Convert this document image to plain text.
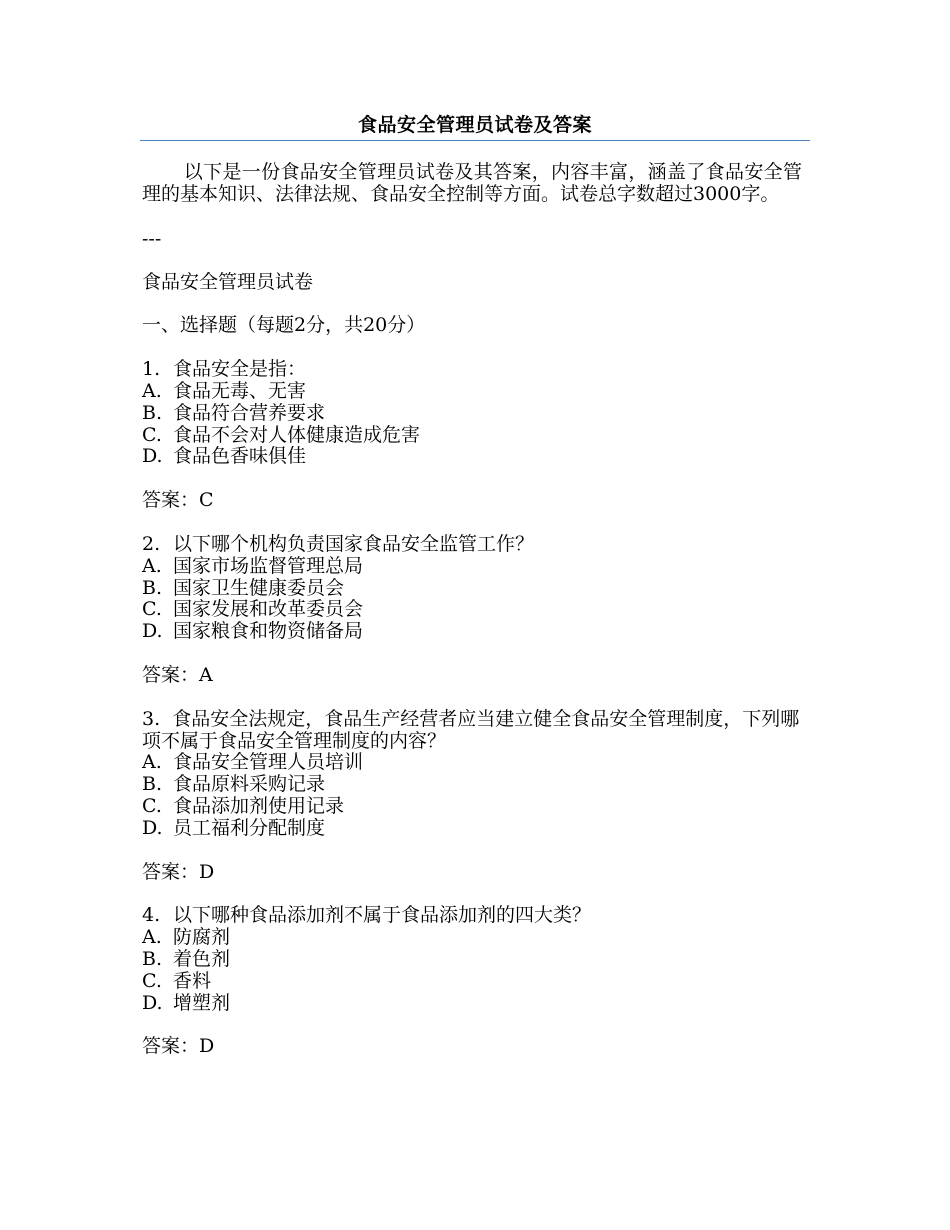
食品安全管理员试卷及答案

以下是一份食品安全管理员试卷及其答案，内容丰富，涵盖了食品安全管理的基本知识、法律法规、食品安全控制等方面。试卷总字数超过3000字。

---

食品安全管理员试卷

一、选择题（每题2分，共20分）

1. 食品安全是指：

A. 食品无毒、无害

B. 食品符合营养要求

C. 食品不会对人体健康造成危害

D. 食品色香味俱佳

答案：C

2. 以下哪个机构负责国家食品安全监管工作？

A. 国家市场监督管理总局

B. 国家卫生健康委员会

C. 国家发展和改革委员会

D. 国家粮食和物资储备局

答案：A

3. 食品安全法规定，食品生产经营者应当建立健全食品安全管理制度，下列哪项不属于食品安全管理制度的内容？

A. 食品安全管理人员培训

B. 食品原料采购记录

C. 食品添加剂使用记录

D. 员工福利分配制度

答案：D

4. 以下哪种食品添加剂不属于食品添加剂的四大类？

A. 防腐剂

B. 着色剂

C. 香料

D. 增塑剂

答案：D
